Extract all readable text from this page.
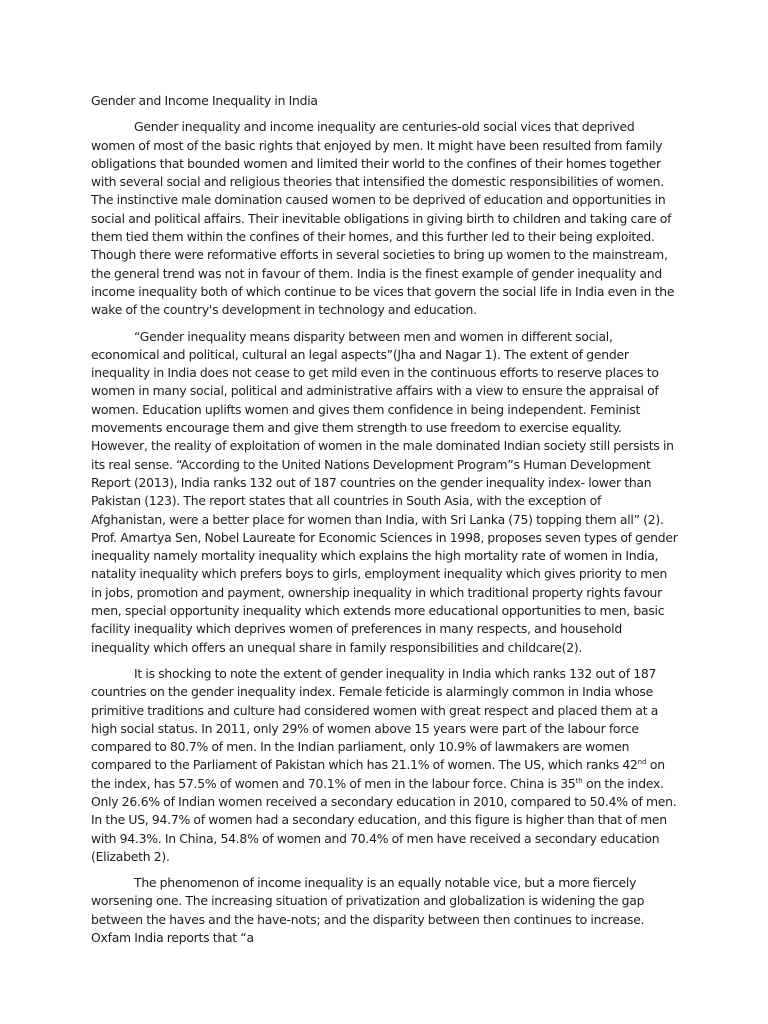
Gender and Income Inequality in India

Gender inequality and income inequality are centuries-old social vices that deprived women of most of the basic rights that enjoyed by men. It might have been resulted from family obligations that bounded women and limited their world to the confines of their homes together with several social and religious theories that intensified the domestic responsibilities of women. The instinctive male domination caused women to be deprived of education and opportunities in social and political affairs. Their inevitable obligations in giving birth to children and taking care of them tied them within the confines of their homes, and this further led to their being exploited. Though there were reformative efforts in several societies to bring up women to the mainstream, the general trend was not in favour of them. India is the finest example of gender inequality and income inequality both of which continue to be vices that govern the social life in India even in the wake of the country's development in technology and education.

“Gender inequality means disparity between men and women in different social, economical and political, cultural an legal aspects”(Jha and Nagar 1). The extent of gender inequality in India does not cease to get mild even in the continuous efforts to reserve places to women in many social, political and administrative affairs with a view to ensure the appraisal of women. Education uplifts women and gives them confidence in being independent. Feminist movements encourage them and give them strength to use freedom to exercise equality. However, the reality of exploitation of women in the male dominated Indian society still persists in its real sense. “According to the United Nations Development Program”s Human Development Report (2013), India ranks 132 out of 187 countries on the gender inequality index- lower than Pakistan (123). The report states that all countries in South Asia, with the exception of Afghanistan, were a better place for women than India, with Sri Lanka (75) topping them all” (2). Prof. Amartya Sen, Nobel Laureate for Economic Sciences in 1998, proposes seven types of gender inequality namely mortality inequality which explains the high mortality rate of women in India, natality inequality which prefers boys to girls, employment inequality which gives priority to men in jobs, promotion and payment, ownership inequality in which traditional property rights favour men, special opportunity inequality which extends more educational opportunities to men, basic facility inequality which deprives women of preferences in many respects, and household inequality which offers an unequal share in family responsibilities and childcare(2).

It is shocking to note the extent of gender inequality in India which ranks 132 out of 187 countries on the gender inequality index. Female feticide is alarmingly common in India whose primitive traditions and culture had considered women with great respect and placed them at a high social status. In 2011, only 29% of women above 15 years were part of the labour force compared to 80.7% of men. In the Indian parliament, only 10.9% of lawmakers are women compared to the Parliament of Pakistan which has 21.1% of women. The US, which ranks 42nd on the index, has 57.5% of women and 70.1% of men in the labour force. China is 35th on the index. Only 26.6% of Indian women received a secondary education in 2010, compared to 50.4% of men. In the US, 94.7% of women had a secondary education, and this figure is higher than that of men with 94.3%. In China, 54.8% of women and 70.4% of men have received a secondary education (Elizabeth 2).

The phenomenon of income inequality is an equally notable vice, but a more fiercely worsening one. The increasing situation of privatization and globalization is widening the gap between the haves and the have-nots; and the disparity between then continues to increase. Oxfam India reports that “a
